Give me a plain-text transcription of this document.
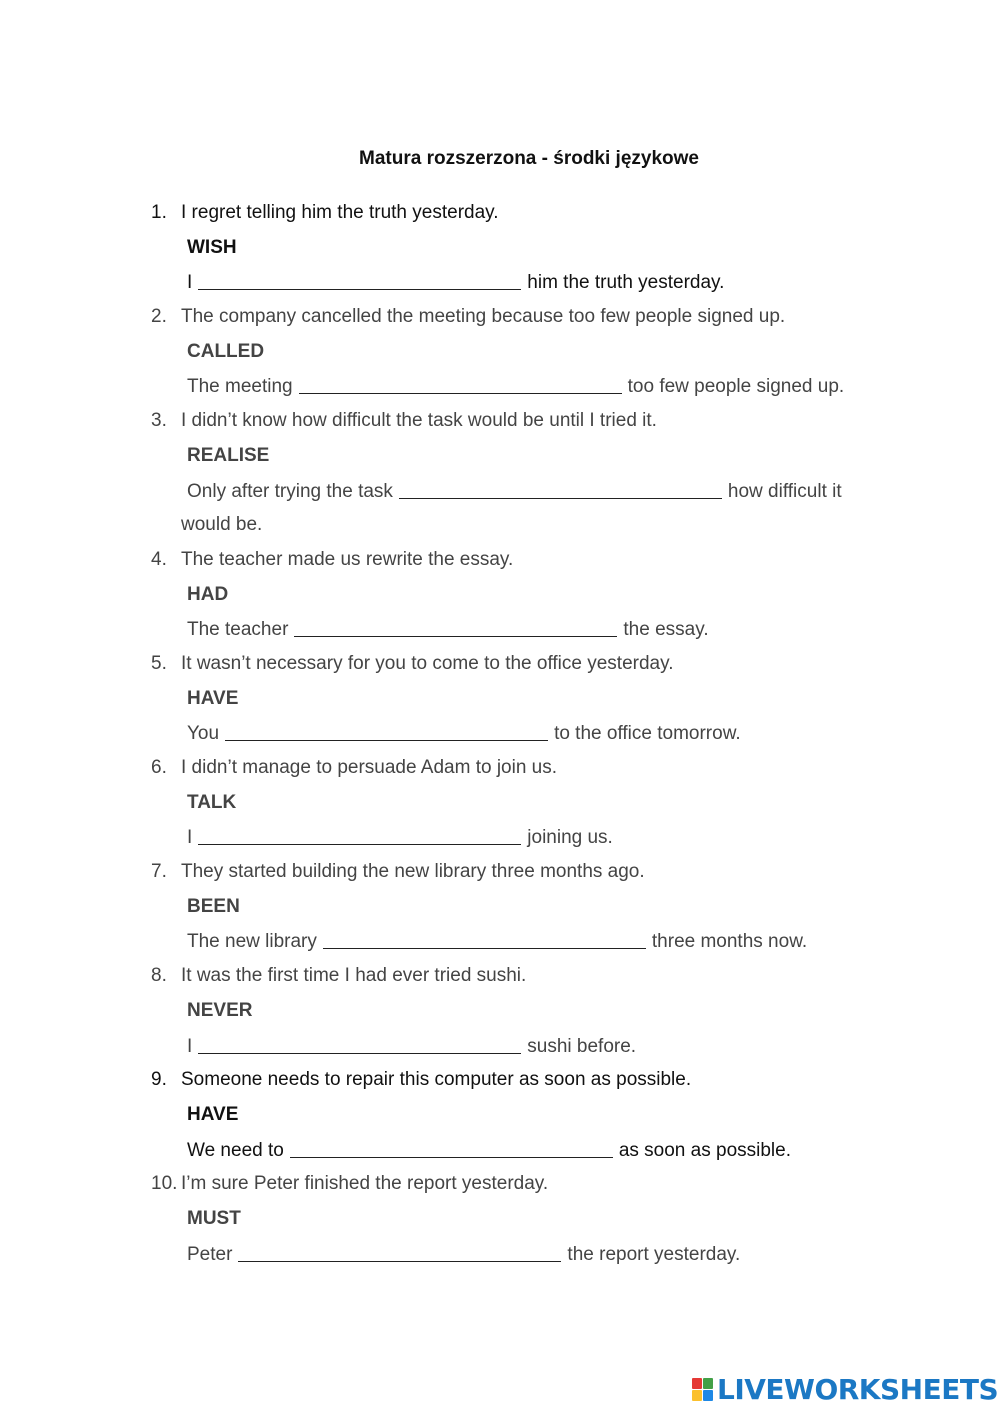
Matura rozszerzona - środki językowe
1. I regret telling him the truth yesterday.
WISH
I	him the truth yesterday.
2. The company cancelled the meeting because too few people signed up.
CALLED
The meeting	too few people signed up.
3. I didn’t know how difficult the task would be until I tried it.
REALISE
Only after trying the task	how difficult it
would be.
4. The teacher made us rewrite the essay.
HAD
The teacher	the essay.
5. It wasn’t necessary for you to come to the office yesterday.
HAVE
You	to the office tomorrow.
6. I didn’t manage to persuade Adam to join us.
TALK
I	joining us.
7. They started building the new library three months ago.
BEEN
The new library	three months now.
8. It was the first time I had ever tried sushi.
NEVER
I	sushi before.
9. Someone needs to repair this computer as soon as possible.
HAVE
We need to	as soon as possible.
10. I’m sure Peter finished the report yesterday.
MUST
Peter	the report yesterday.
LIVEWORKSHEETS
